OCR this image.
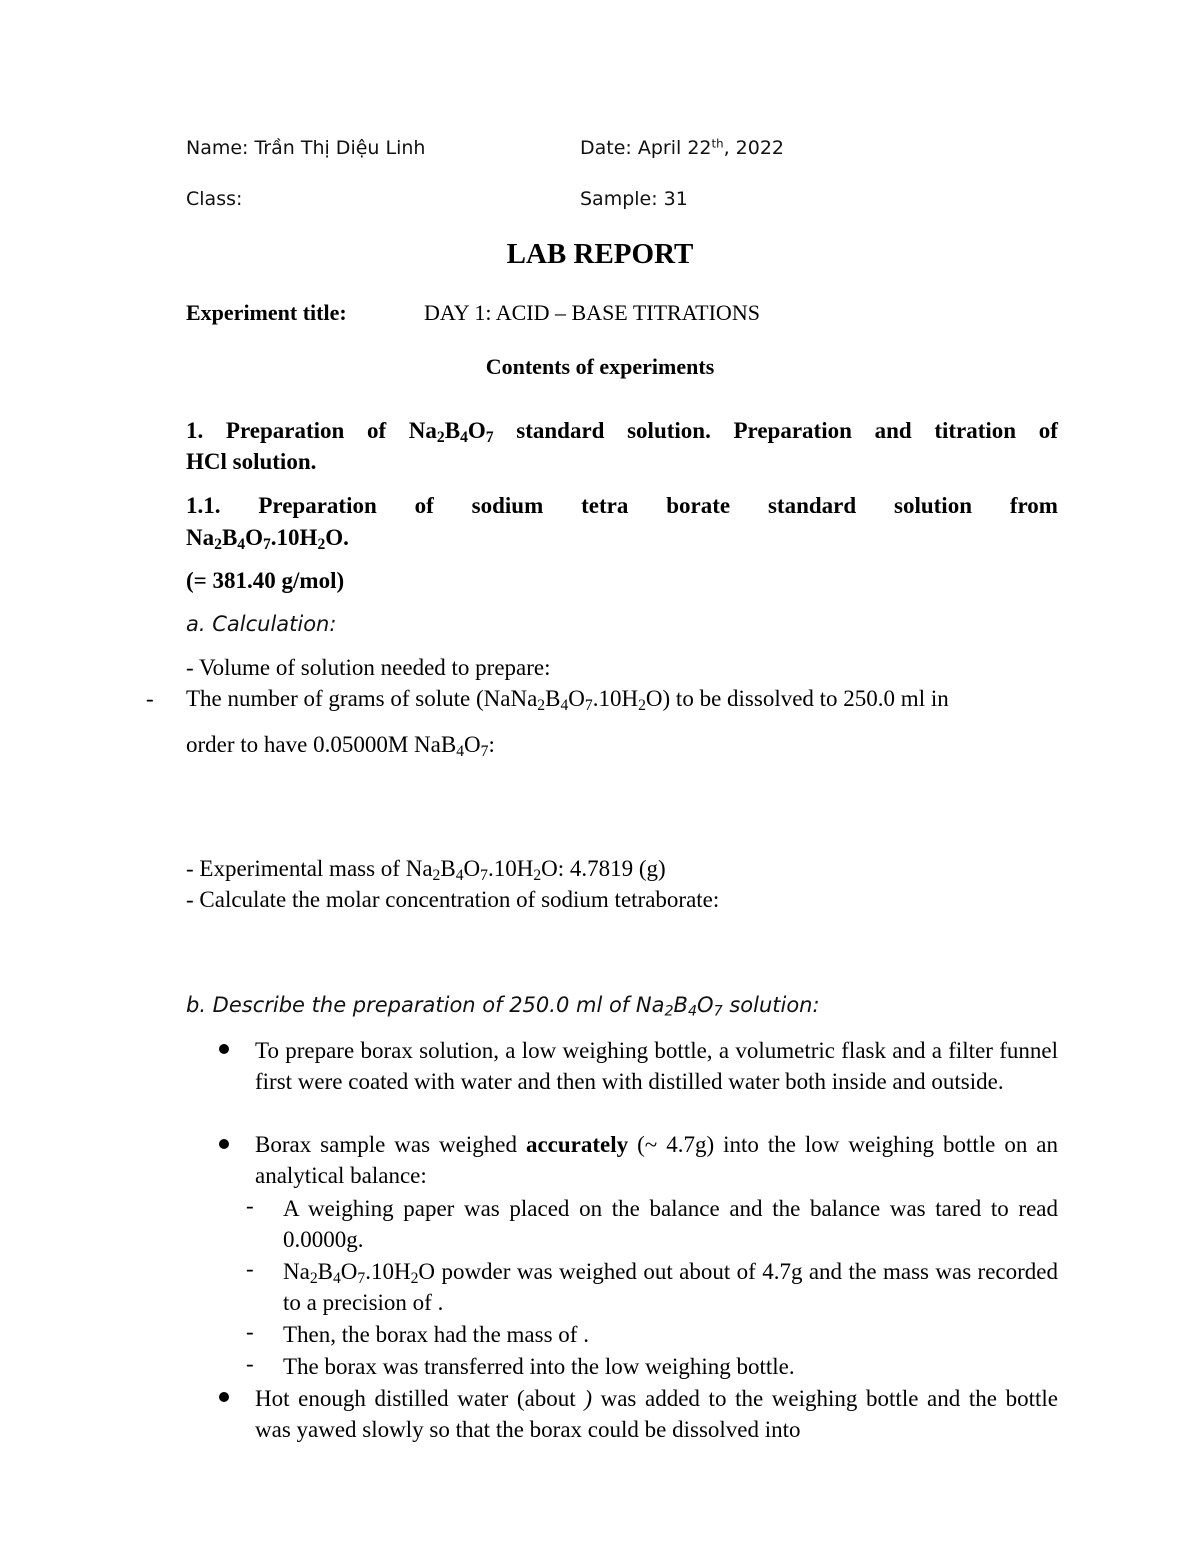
Name: Trần Thị Diệu Linh	Date: April 22th, 2022
Class:	Sample: 31
LAB REPORT
Experiment title:	DAY 1: ACID – BASE TITRATIONS
Contents of experiments
1. Preparation of $Na_2B_4O_7$ standard solution. Preparation and titration of
HCl solution.
1.1. Preparation of sodium tetra borate standard solution from
$Na_2B_4O_7.10H_2O$.
(= 381.40 g/mol)
a. Calculation:
- Volume of solution needed to prepare:
- The number of grams of solute $(NaNa_2B_4O_7.10H_2O)$ to be dissolved to 250.0 ml in
order to have 0.05000M $NaB_4O_7$:
- Experimental mass of $Na_2B_4O_7.10H_2O$: 4.7819 (g)
- Calculate the molar concentration of sodium tetraborate:
b. Describe the preparation of 250.0 ml of $Na_2B_4O_7$ solution:
To prepare borax solution, a low weighing bottle, a volumetric flask and a filter funnel first were coated with water and then with distilled water both inside and outside.
Borax sample was weighed accurately (~ 4.7g) into the low weighing bottle on an analytical balance:
- A weighing paper was placed on the balance and the balance was tared to read 0.0000g.
- $Na_2B_4O_7.10H_2O$ powder was weighed out about of 4.7g and the mass was recorded to a precision of .
- Then, the borax had the mass of .
- The borax was transferred into the low weighing bottle.
Hot enough distilled water (about ) was added to the weighing bottle and the bottle was yawed slowly so that the borax could be dissolved into
